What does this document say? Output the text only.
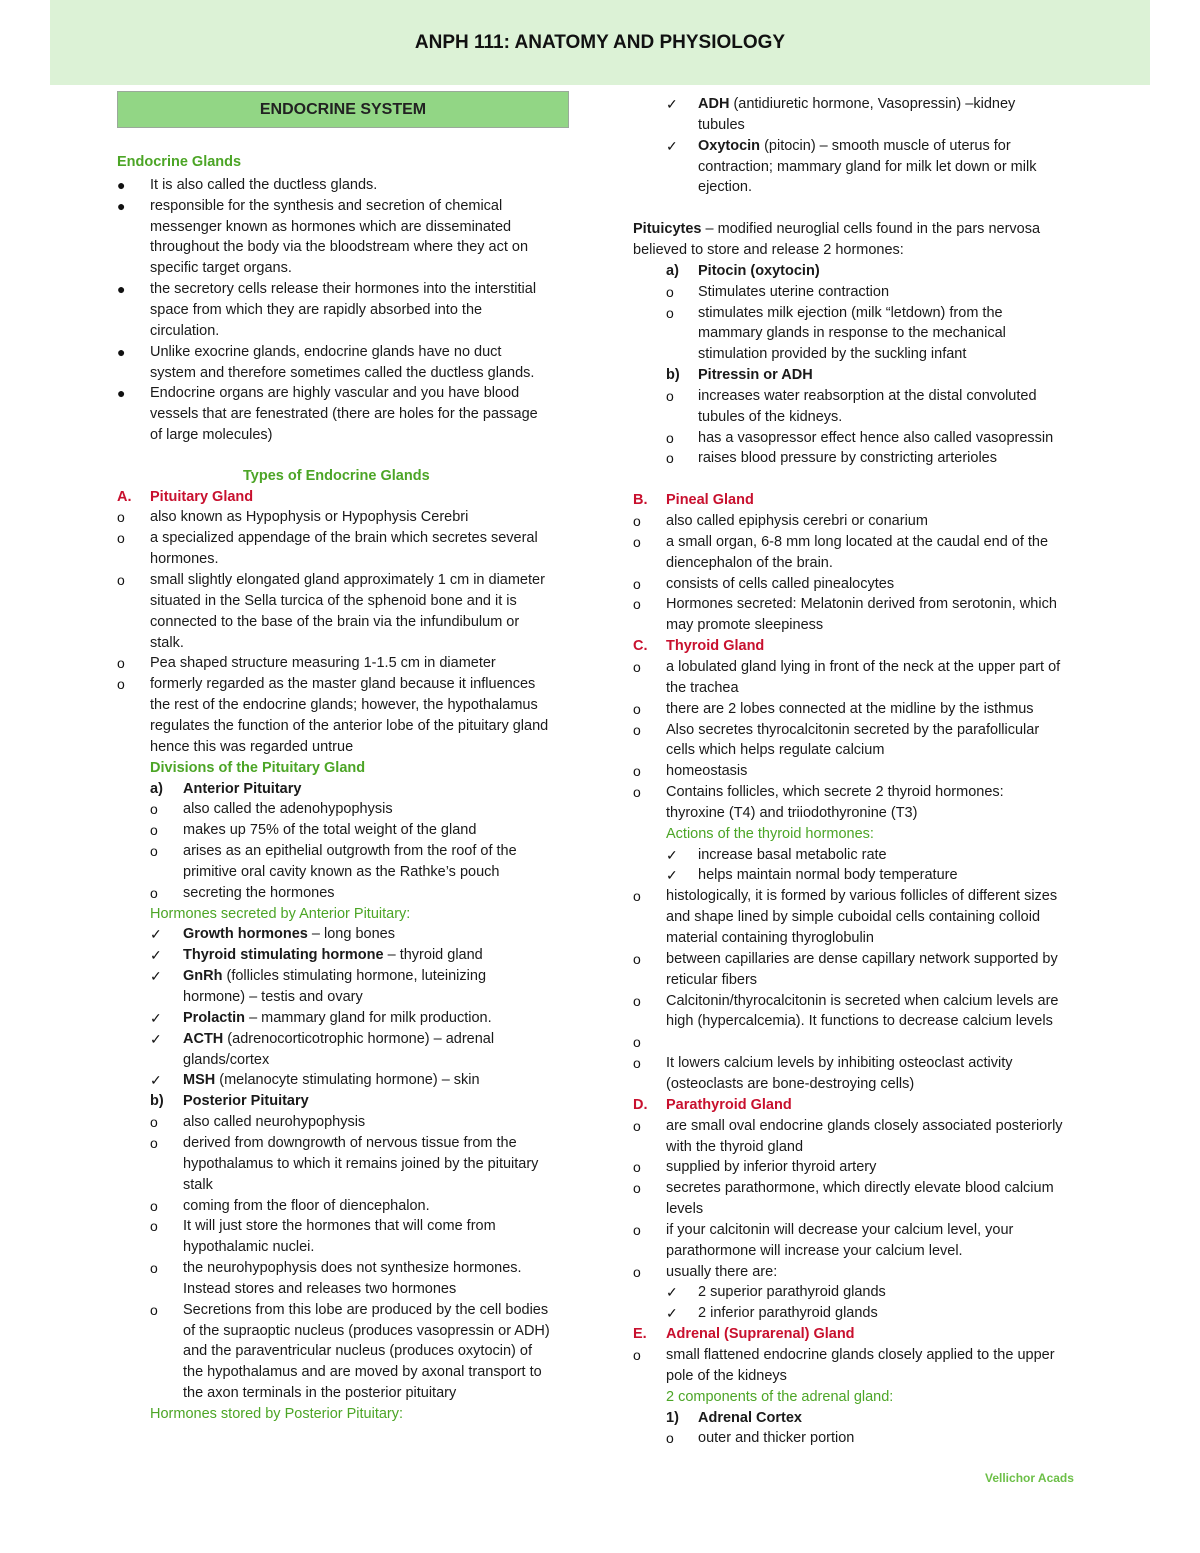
ANPH 111: ANATOMY AND PHYSIOLOGY
ENDOCRINE SYSTEM
Endocrine Glands
● It is also called the ductless glands.
● responsible for the synthesis and secretion of chemical
messenger known as hormones which are disseminated
throughout the body via the bloodstream where they act on
specific target organs.
● the secretory cells release their hormones into the interstitial
space from which they are rapidly absorbed into the
circulation.
● Unlike exocrine glands, endocrine glands have no duct
system and therefore sometimes called the ductless glands.
● Endocrine organs are highly vascular and you have blood
vessels that are fenestrated (there are holes for the passage
of large molecules)
Types of Endocrine Glands
A. Pituitary Gland
o also known as Hypophysis or Hypophysis Cerebri
o a specialized appendage of the brain which secretes several
hormones.
o small slightly elongated gland approximately 1 cm in diameter
situated in the Sella turcica of the sphenoid bone and it is
connected to the base of the brain via the infundibulum or
stalk.
o Pea shaped structure measuring 1-1.5 cm in diameter
o formerly regarded as the master gland because it influences
the rest of the endocrine glands; however, the hypothalamus
regulates the function of the anterior lobe of the pituitary gland
hence this was regarded untrue
Divisions of the Pituitary Gland
a) Anterior Pituitary
o also called the adenohypophysis
o makes up 75% of the total weight of the gland
o arises as an epithelial outgrowth from the roof of the
primitive oral cavity known as the Rathke’s pouch
o secreting the hormones
Hormones secreted by Anterior Pituitary:
✓ Growth hormones – long bones
✓ Thyroid stimulating hormone – thyroid gland
✓ GnRh (follicles stimulating hormone, luteinizing
hormone) – testis and ovary
✓ Prolactin – mammary gland for milk production.
✓ ACTH (adrenocorticotrophic hormone) – adrenal
glands/cortex
✓ MSH (melanocyte stimulating hormone) – skin
b) Posterior Pituitary
o also called neurohypophysis
o derived from downgrowth of nervous tissue from the
hypothalamus to which it remains joined by the pituitary
stalk
o coming from the floor of diencephalon.
o It will just store the hormones that will come from
hypothalamic nuclei.
o the neurohypophysis does not synthesize hormones.
Instead stores and releases two hormones
o Secretions from this lobe are produced by the cell bodies
of the supraoptic nucleus (produces vasopressin or ADH)
and the paraventricular nucleus (produces oxytocin) of
the hypothalamus and are moved by axonal transport to
the axon terminals in the posterior pituitary
Hormones stored by Posterior Pituitary:
✓ ADH (antidiuretic hormone, Vasopressin) –kidney
tubules
✓ Oxytocin (pitocin) – smooth muscle of uterus for
contraction; mammary gland for milk let down or milk
ejection.
Pituicytes – modified neuroglial cells found in the pars nervosa
believed to store and release 2 hormones:
a) Pitocin (oxytocin)
o Stimulates uterine contraction
o stimulates milk ejection (milk “letdown) from the
mammary glands in response to the mechanical
stimulation provided by the suckling infant
b) Pitressin or ADH
o increases water reabsorption at the distal convoluted
tubules of the kidneys.
o has a vasopressor effect hence also called vasopressin
o raises blood pressure by constricting arterioles
B. Pineal Gland
o also called epiphysis cerebri or conarium
o a small organ, 6-8 mm long located at the caudal end of the
diencephalon of the brain.
o consists of cells called pinealocytes
o Hormones secreted: Melatonin derived from serotonin, which
may promote sleepiness
C. Thyroid Gland
o a lobulated gland lying in front of the neck at the upper part of
the trachea
o there are 2 lobes connected at the midline by the isthmus
o Also secretes thyrocalcitonin secreted by the parafollicular
cells which helps regulate calcium
o homeostasis
o Contains follicles, which secrete 2 thyroid hormones:
thyroxine (T4) and triiodothyronine (T3)
Actions of the thyroid hormones:
✓ increase basal metabolic rate
✓ helps maintain normal body temperature
o histologically, it is formed by various follicles of different sizes
and shape lined by simple cuboidal cells containing colloid
material containing thyroglobulin
o between capillaries are dense capillary network supported by
reticular fibers
o Calcitonin/thyrocalcitonin is secreted when calcium levels are
high (hypercalcemia). It functions to decrease calcium levels
o
o It lowers calcium levels by inhibiting osteoclast activity
(osteoclasts are bone-destroying cells)
D. Parathyroid Gland
o are small oval endocrine glands closely associated posteriorly
with the thyroid gland
o supplied by inferior thyroid artery
o secretes parathormone, which directly elevate blood calcium
levels
o if your calcitonin will decrease your calcium level, your
parathormone will increase your calcium level.
o usually there are:
✓ 2 superior parathyroid glands
✓ 2 inferior parathyroid glands
E. Adrenal (Suprarenal) Gland
o small flattened endocrine glands closely applied to the upper
pole of the kidneys
2 components of the adrenal gland:
1) Adrenal Cortex
o outer and thicker portion
Vellichor Acads
